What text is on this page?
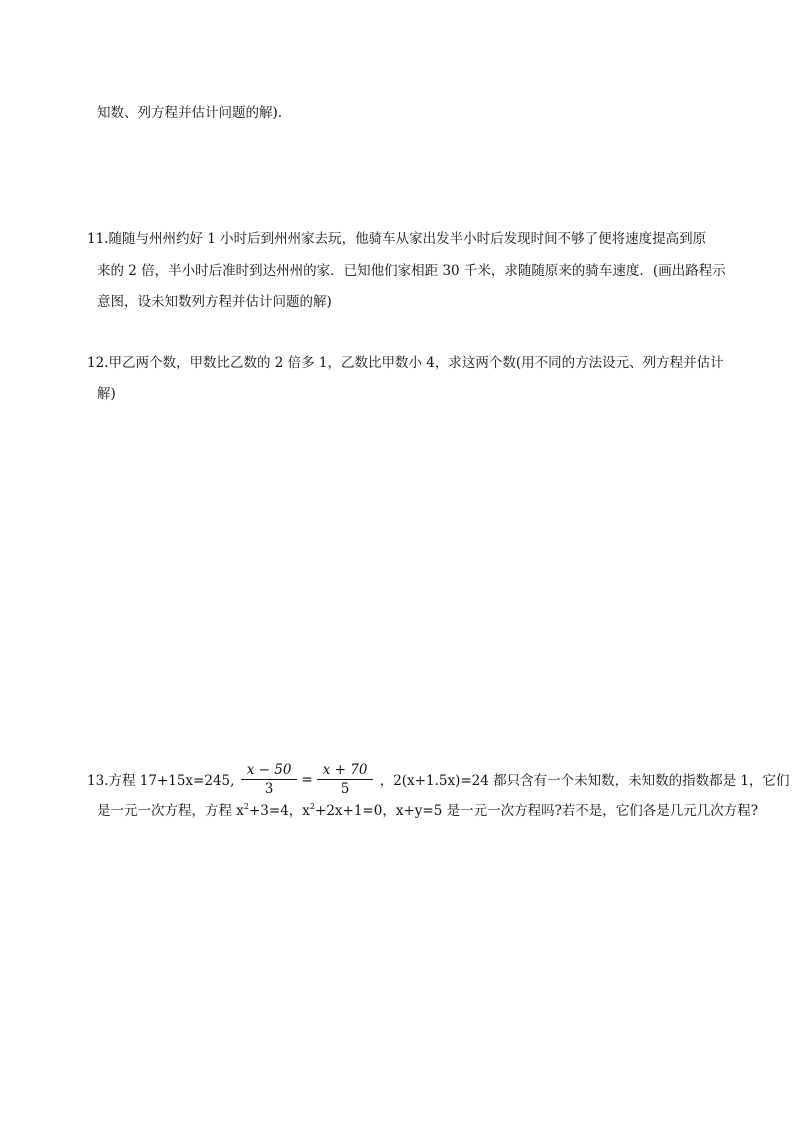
知数、列方程并估计问题的解).
11.随随与州州约好 1 小时后到州州家去玩，他骑车从家出发半小时后发现时间不够了便将速度提高到原
来的 2 倍，半小时后准时到达州州的家．已知他们家相距 30 千米，求随随原来的骑车速度．(画出路程示
意图，设未知数列方程并估计问题的解)
12.甲乙两个数，甲数比乙数的 2 倍多 1，乙数比甲数小 4，求这两个数(用不同的方法设元、列方程并估计
解)
13.方程 17+15x=245, $\frac{x - 50}{3} = \frac{x + 70}{5}$ ，2(x+1.5x)=24 都只含有一个未知数，未知数的指数都是 1，它们
是一元一次方程，方程 $x^2+3=4$，$x^2+2x+1=0$，x+y=5 是一元一次方程吗?若不是，它们各是几元几次方程?
